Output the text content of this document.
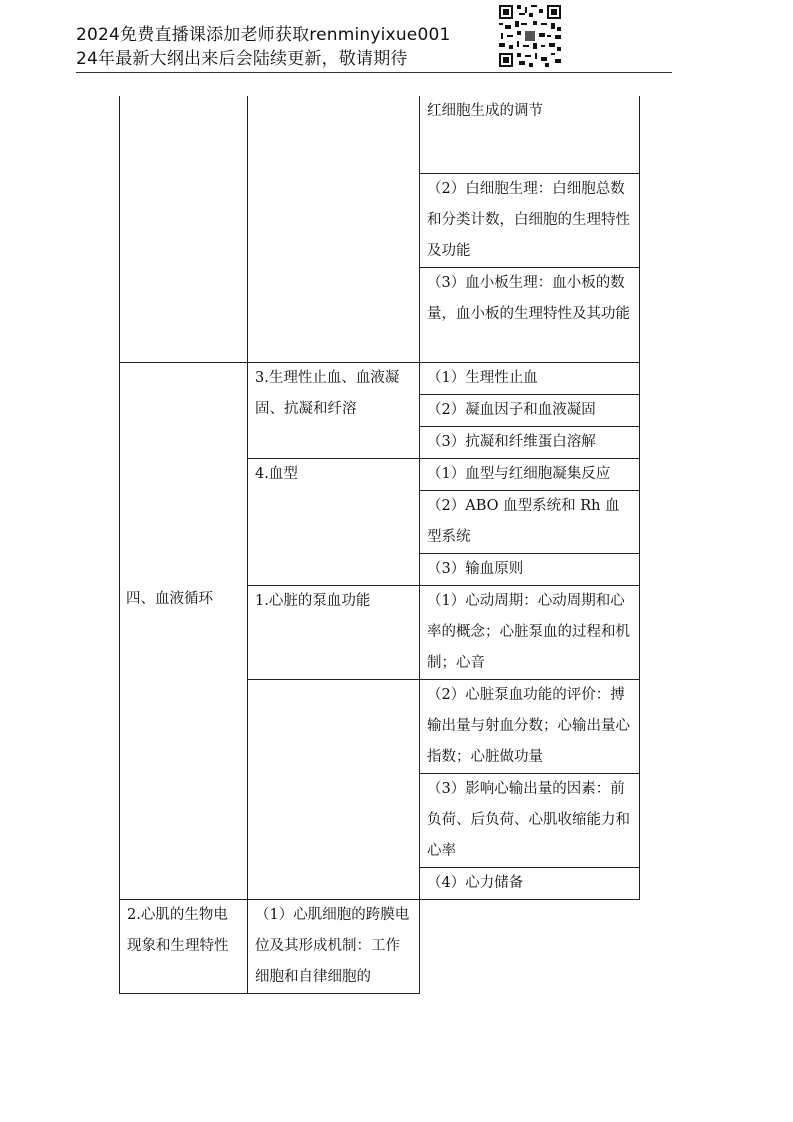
2024免费直播课添加老师获取renminyixue001
24年最新大纲出来后会陆续更新，敬请期待
		红细胞生成的调节
		（2）白细胞生理：白细胞总数和分类计数，白细胞的生理特性及功能
		（3）血小板生理：血小板的数量，血小板的生理特性及其功能
	3.生理性止血、血液凝固、抗凝和纤溶	（1）生理性止血
		（2）凝血因子和血液凝固
		（3）抗凝和纤维蛋白溶解
	4.血型	（1）血型与红细胞凝集反应
		（2）ABO 血型系统和 Rh 血型系统
		（3）输血原则
	1.心脏的泵血功能	（1）心动周期：心动周期和心率的概念；心脏泵血的过程和机制；心音
		（2）心脏泵血功能的评价：搏输出量与射血分数；心输出量心指数；心脏做功量
		（3）影响心输出量的因素：前负荷、后负荷、心肌收缩能力和心率
		（4）心力储备
2.心肌的生物电现象和生理特性	（1）心肌细胞的跨膜电位及其形成机制：工作细胞和自律细胞的	
四、血液循环
